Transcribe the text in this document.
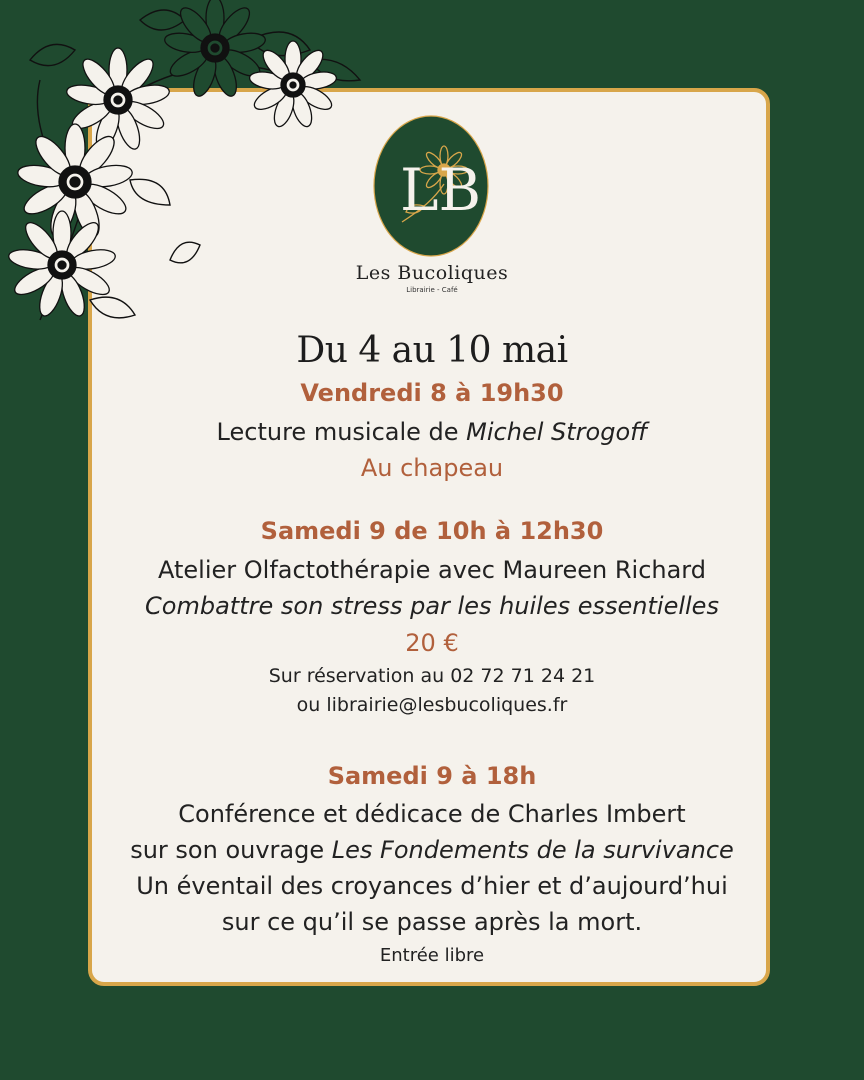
LB
Les Bucoliques
Librairie - Café
Du 4 au 10 mai
Vendredi 8 à 19h30
Lecture musicale de Michel Strogoff
Au chapeau
Samedi 9 de 10h à 12h30
Atelier Olfactothérapie avec Maureen Richard
Combattre son stress par les huiles essentielles
20 €
Sur réservation au 02 72 71 24 21
ou librairie@lesbucoliques.fr
Samedi 9 à 18h
Conférence et dédicace de Charles Imbert
sur son ouvrage Les Fondements de la survivance
Un éventail des croyances d’hier et d’aujourd’hui
sur ce qu’il se passe après la mort.
Entrée libre
